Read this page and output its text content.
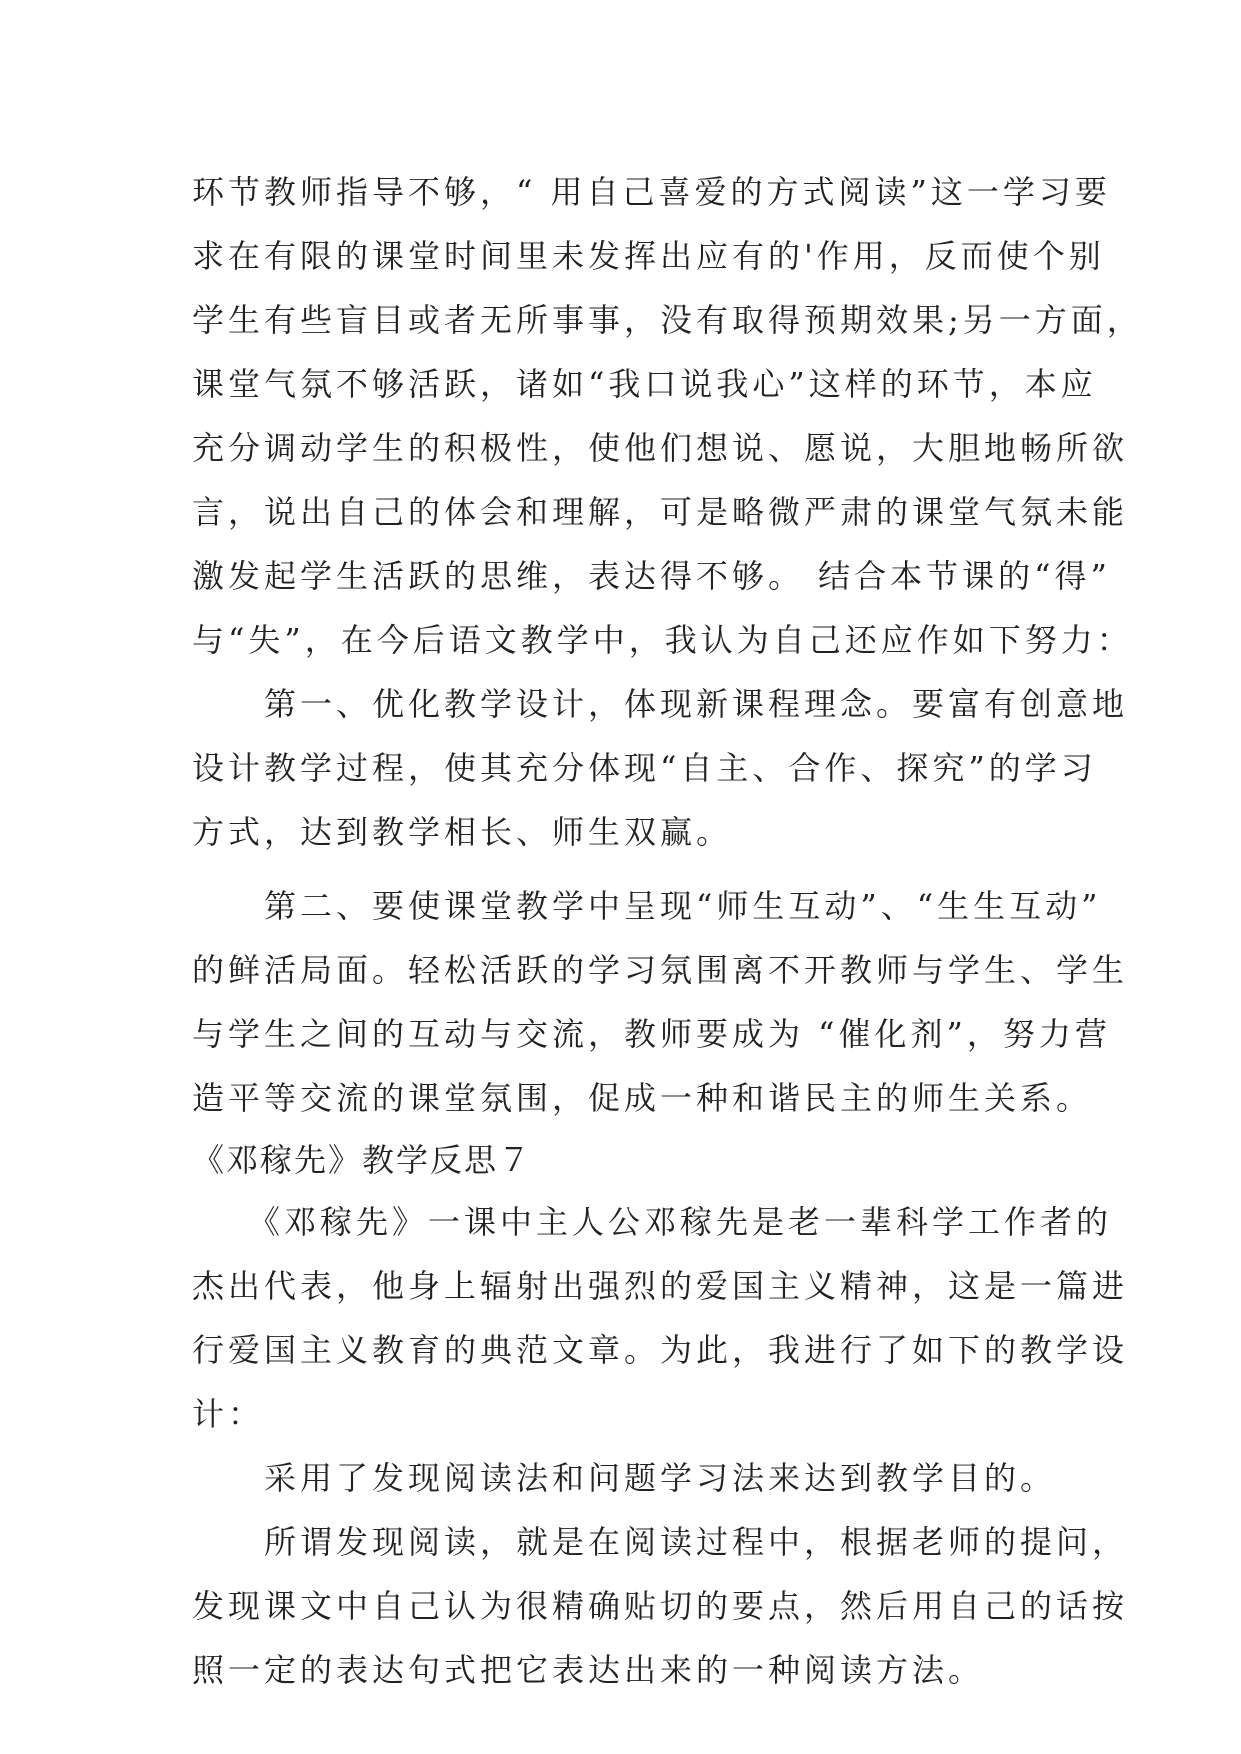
环节教师指导不够，“ 用自己喜爱的方式阅读”这一学习要
求在有限的课堂时间里未发挥出应有的'作用，反而使个别
学生有些盲目或者无所事事，没有取得预期效果;另一方面，
课堂气氛不够活跃，诸如“我口说我心”这样的环节，本应
充分调动学生的积极性，使他们想说、愿说，大胆地畅所欲
言，说出自己的体会和理解，可是略微严肃的课堂气氛未能
激发起学生活跃的思维，表达得不够。 结合本节课的“得”
与“失”，在今后语文教学中，我认为自己还应作如下努力：
　　第一、优化教学设计，体现新课程理念。要富有创意地
设计教学过程，使其充分体现“自主、合作、探究”的学习
方式，达到教学相长、师生双赢。
　　第二、要使课堂教学中呈现“师生互动”、“生生互动”
的鲜活局面。轻松活跃的学习氛围离不开教师与学生、学生
与学生之间的互动与交流，教师要成为 “催化剂”，努力营
造平等交流的课堂氛围，促成一种和谐民主的师生关系。
《邓稼先》教学反思７
　　《邓稼先》一课中主人公邓稼先是老一辈科学工作者的
杰出代表，他身上辐射出强烈的爱国主义精神，这是一篇进
行爱国主义教育的典范文章。为此，我进行了如下的教学设
计：
　　采用了发现阅读法和问题学习法来达到教学目的。
　　所谓发现阅读，就是在阅读过程中，根据老师的提问，
发现课文中自己认为很精确贴切的要点，然后用自己的话按
照一定的表达句式把它表达出来的一种阅读方法。
